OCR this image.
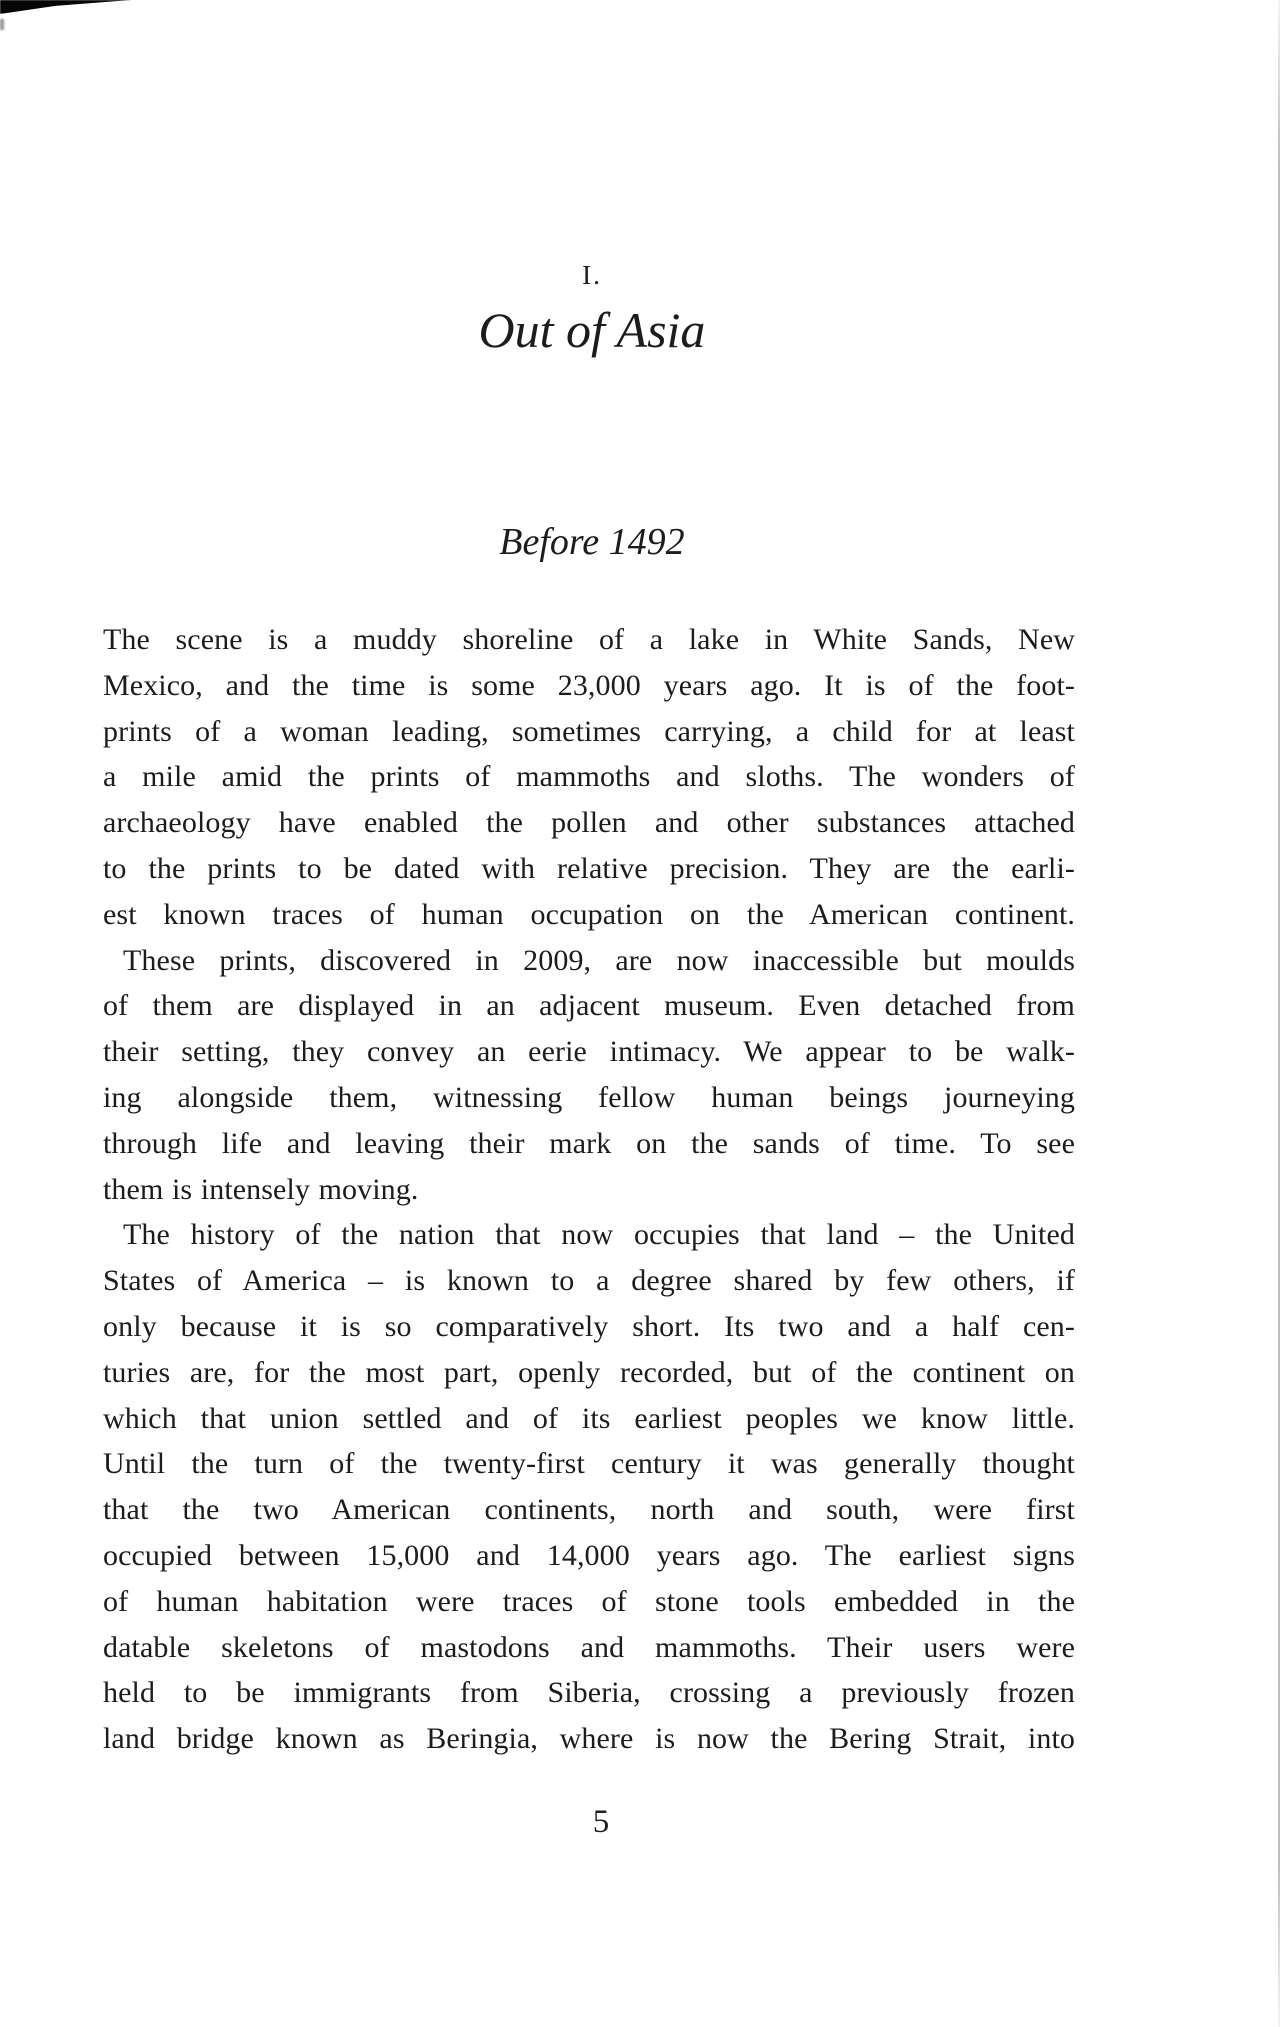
I.
Out of Asia
Before 1492
The scene is a muddy shoreline of a lake in White Sands, New
Mexico, and the time is some 23,000 years ago. It is of the foot-
prints of a woman leading, sometimes carrying, a child for at least
a mile amid the prints of mammoths and sloths. The wonders of
archaeology have enabled the pollen and other substances attached
to the prints to be dated with relative precision. They are the earli-
est known traces of human occupation on the American continent.
These prints, discovered in 2009, are now inaccessible but moulds
of them are displayed in an adjacent museum. Even detached from
their setting, they convey an eerie intimacy. We appear to be walk-
ing alongside them, witnessing fellow human beings journeying
through life and leaving their mark on the sands of time. To see
them is intensely moving.
The history of the nation that now occupies that land – the United
States of America – is known to a degree shared by few others, if
only because it is so comparatively short. Its two and a half cen-
turies are, for the most part, openly recorded, but of the continent on
which that union settled and of its earliest peoples we know little.
Until the turn of the twenty-first century it was generally thought
that the two American continents, north and south, were first
occupied between 15,000 and 14,000 years ago. The earliest signs
of human habitation were traces of stone tools embedded in the
datable skeletons of mastodons and mammoths. Their users were
held to be immigrants from Siberia, crossing a previously frozen
land bridge known as Beringia, where is now the Bering Strait, into
5
